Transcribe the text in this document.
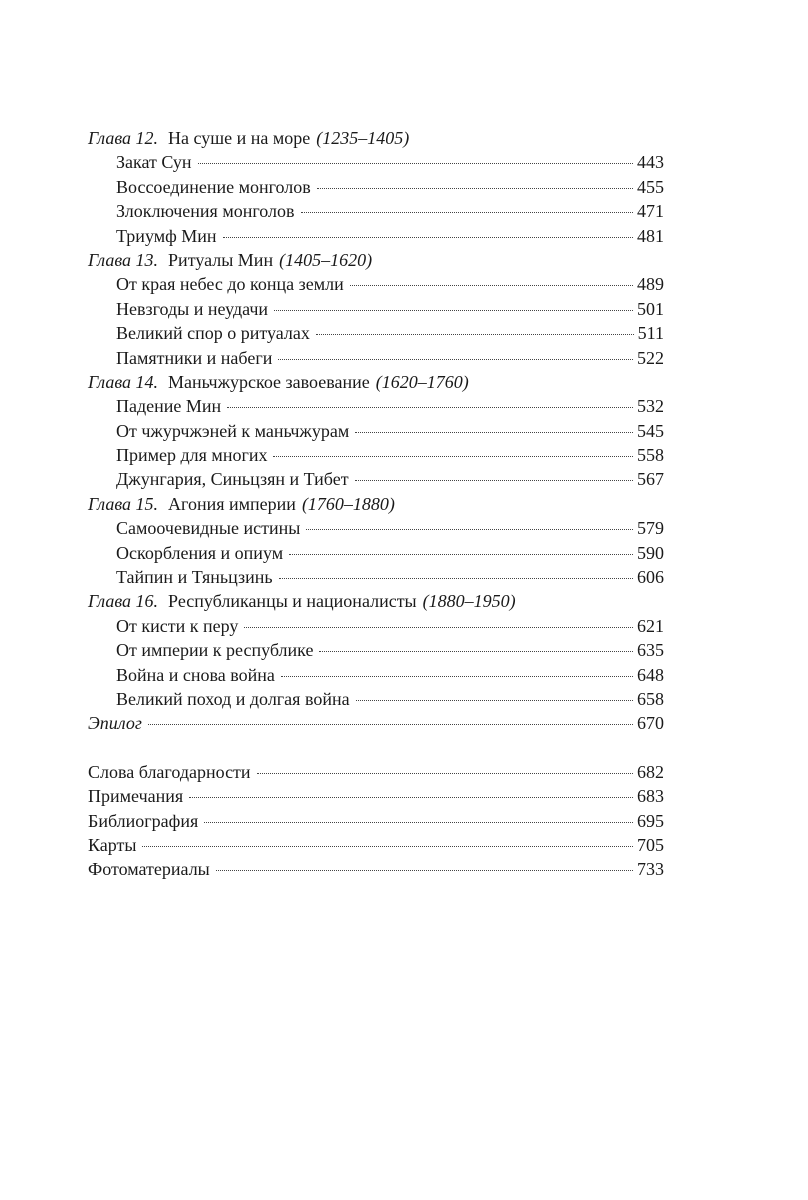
Глава 12. На суше и на море (1235–1405)
Закат Сун	443
Воссоединение монголов	455
Злоключения монголов	471
Триумф Мин	481
Глава 13. Ритуалы Мин (1405–1620)
От края небес до конца земли	489
Невзгоды и неудачи	501
Великий спор о ритуалах	511
Памятники и набеги	522
Глава 14. Маньчжурское завоевание (1620–1760)
Падение Мин	532
От чжурчжэней к маньчжурам	545
Пример для многих	558
Джунгария, Синьцзян и Тибет	567
Глава 15. Агония империи (1760–1880)
Самоочевидные истины	579
Оскорбления и опиум	590
Тайпин и Тяньцзинь	606
Глава 16. Республиканцы и националисты (1880–1950)
От кисти к перу	621
От империи к республике	635
Война и снова война	648
Великий поход и долгая война	658
Эпилог	670
Слова благодарности	682
Примечания	683
Библиография	695
Карты	705
Фотоматериалы	733
